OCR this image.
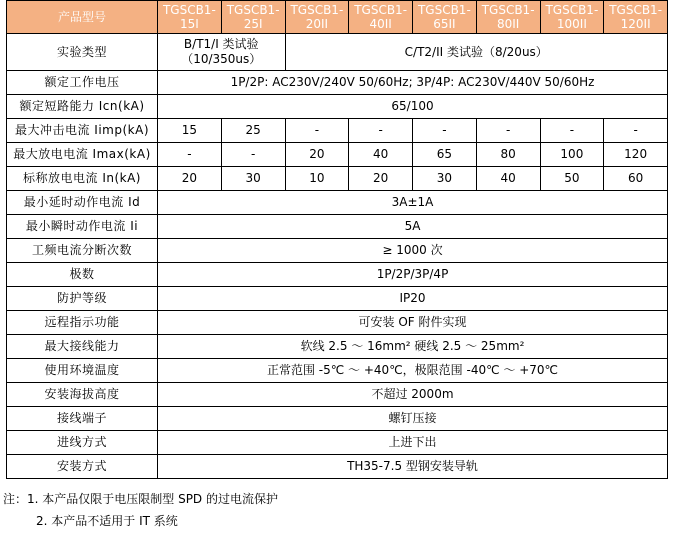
产品型号	TGSCB1-15I	TGSCB1-25I	TGSCB1-20II	TGSCB1-40II	TGSCB1-65II	TGSCB1-80II	TGSCB1-100II	TGSCB1-120II
实验类型	B/T1/I 类试验（10/350us）		C/T2/II 类试验（8/20us）					
额定工作电压	1P/2P: AC230V/240V 50/60Hz; 3P/4P: AC230V/440V 50/60Hz							
额定短路能力 Icn(kA)	65/100							
最大冲击电流 Iimp(kA)	15	25	-	-	-	-	-	-
最大放电电流 Imax(kA)	-	-	20	40	65	80	100	120
标称放电电流 In(kA)	20	30	10	20	30	40	50	60
最小延时动作电流 Id	3A±1A							
最小瞬时动作电流 Ii	5A							
工频电流分断次数	≥ 1000 次							
极数	1P/2P/3P/4P							
防护等级	IP20							
远程指示功能	可安装 OF 附件实现							
最大接线能力	软线 2.5 ～ 16mm² 硬线 2.5 ～ 25mm²							
使用环境温度	正常范围 -5℃ ～ +40℃，极限范围 -40℃ ～ +70℃							
安装海拔高度	不超过 2000m							
接线端子	螺钉压接							
进线方式	上进下出							
安装方式	TH35-7.5 型钢安装导轨							
注：1. 本产品仅限于电压限制型 SPD 的过电流保护
2. 本产品不适用于 IT 系统
